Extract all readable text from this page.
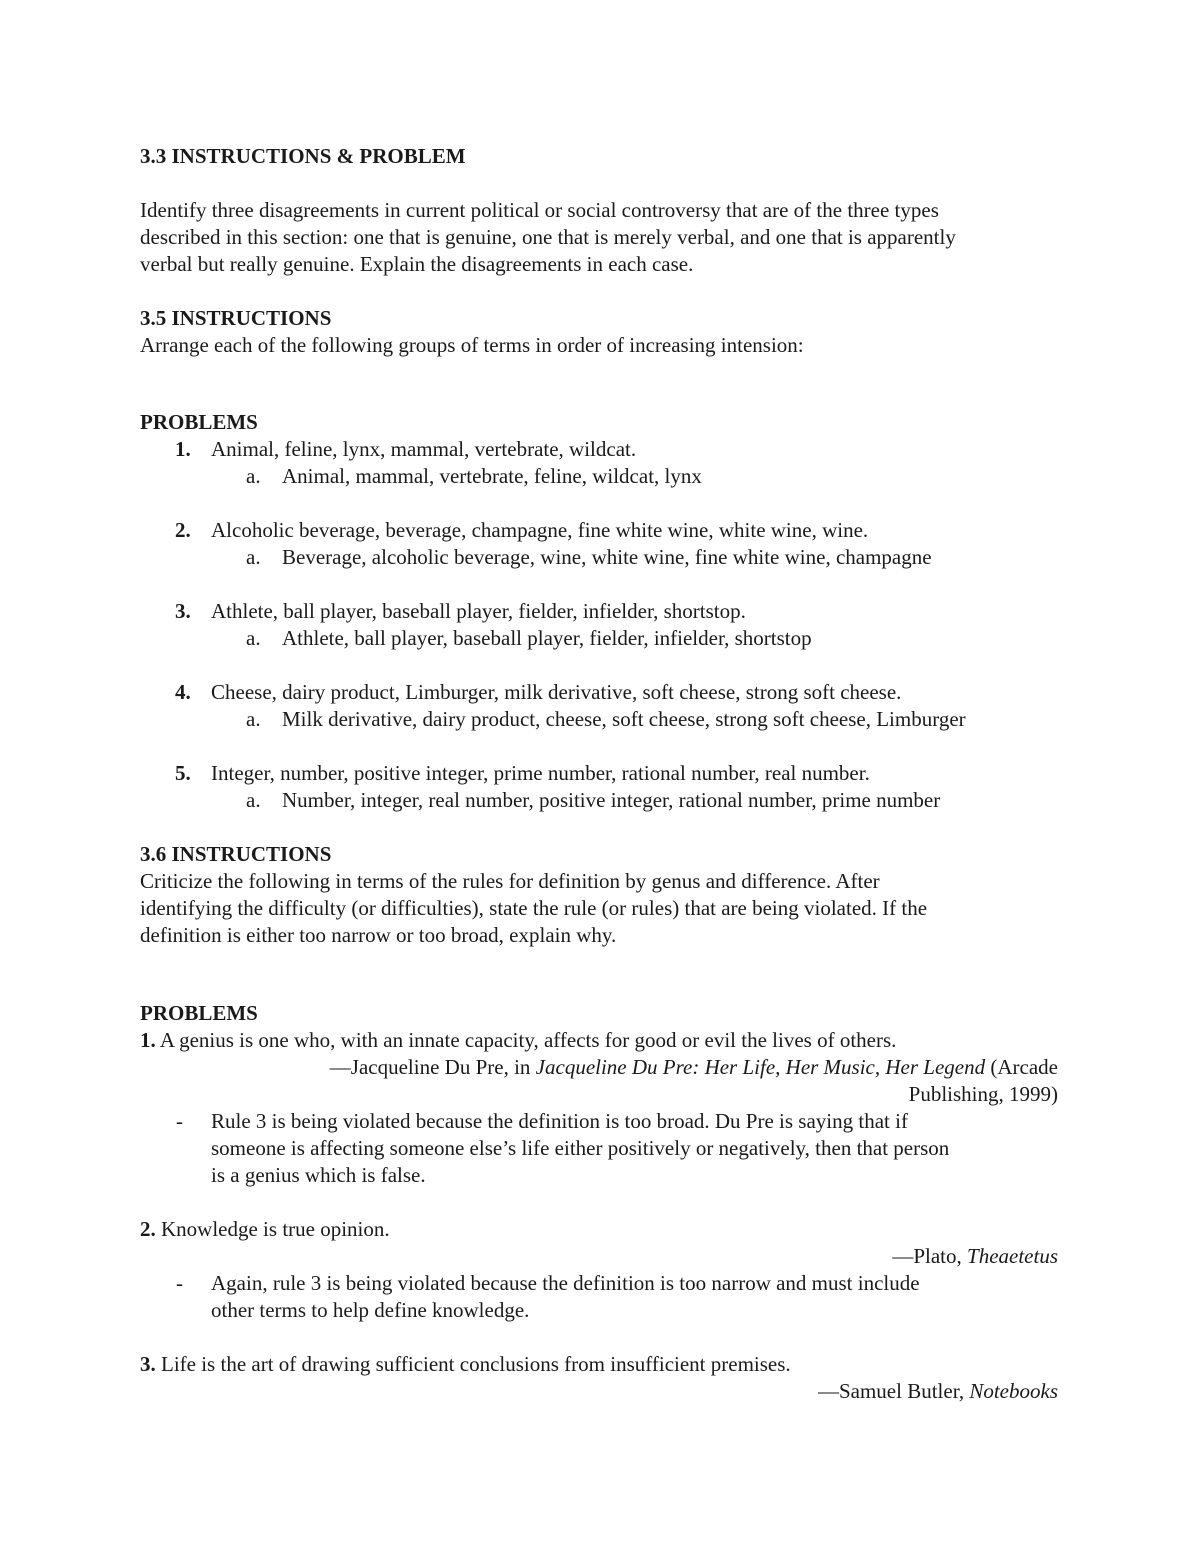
3.3 INSTRUCTIONS & PROBLEM
Identify three disagreements in current political or social controversy that are of the three types
described in this section: one that is genuine, one that is merely verbal, and one that is apparently
verbal but really genuine. Explain the disagreements in each case.
3.5 INSTRUCTIONS
Arrange each of the following groups of terms in order of increasing intension:
PROBLEMS
1. Animal, feline, lynx, mammal, vertebrate, wildcat.
a. Animal, mammal, vertebrate, feline, wildcat, lynx
2. Alcoholic beverage, beverage, champagne, fine white wine, white wine, wine.
a. Beverage, alcoholic beverage, wine, white wine, fine white wine, champagne
3. Athlete, ball player, baseball player, fielder, infielder, shortstop.
a. Athlete, ball player, baseball player, fielder, infielder, shortstop
4. Cheese, dairy product, Limburger, milk derivative, soft cheese, strong soft cheese.
a. Milk derivative, dairy product, cheese, soft cheese, strong soft cheese, Limburger
5. Integer, number, positive integer, prime number, rational number, real number.
a. Number, integer, real number, positive integer, rational number, prime number
3.6 INSTRUCTIONS
Criticize the following in terms of the rules for definition by genus and difference. After
identifying the difficulty (or difficulties), state the rule (or rules) that are being violated. If the
definition is either too narrow or too broad, explain why.
PROBLEMS
1. A genius is one who, with an innate capacity, affects for good or evil the lives of others.
—Jacqueline Du Pre, in Jacqueline Du Pre: Her Life, Her Music, Her Legend (Arcade
Publishing, 1999)
- Rule 3 is being violated because the definition is too broad. Du Pre is saying that if
someone is affecting someone else’s life either positively or negatively, then that person
is a genius which is false.
2. Knowledge is true opinion.
—Plato, Theaetetus
- Again, rule 3 is being violated because the definition is too narrow and must include
other terms to help define knowledge.
3. Life is the art of drawing sufficient conclusions from insufficient premises.
—Samuel Butler, Notebooks
